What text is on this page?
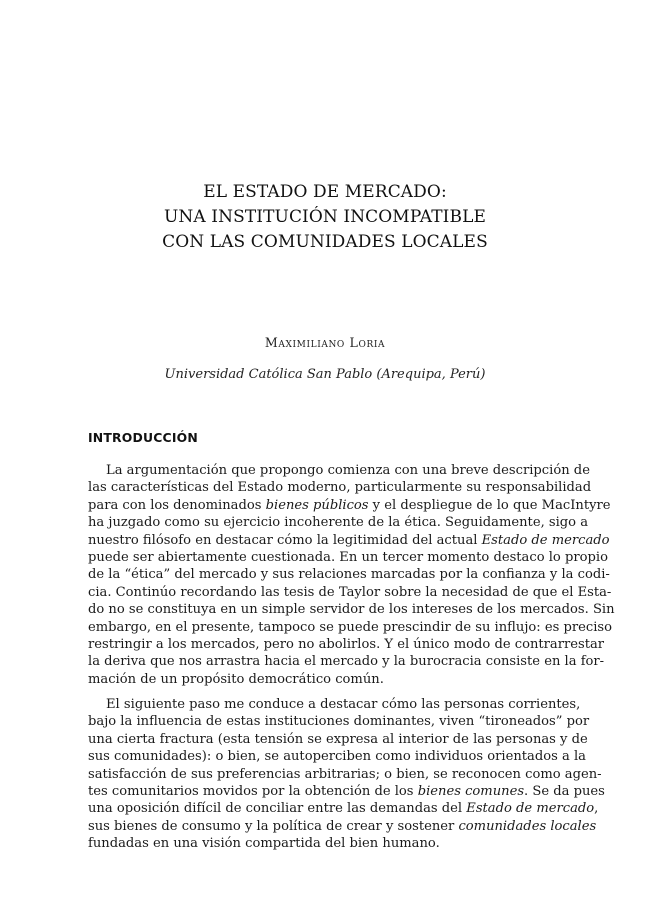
EL ESTADO DE MERCADO:
UNA INSTITUCIÓN INCOMPATIBLE
CON LAS COMUNIDADES LOCALES
Maximiliano Loria
Universidad Católica San Pablo (Arequipa, Perú)
INTRODUCCIÓN
La argumentación que propongo comienza con una breve descripción de
las características del Estado moderno, particularmente su responsabilidad
para con los denominados bienes públicos y el despliegue de lo que MacIntyre
ha juzgado como su ejercicio incoherente de la ética. Seguidamente, sigo a
nuestro filósofo en destacar cómo la legitimidad del actual Estado de mercado
puede ser abiertamente cuestionada. En un tercer momento destaco lo propio
de la “ética” del mercado y sus relaciones marcadas por la confianza y la codi-
cia. Continúo recordando las tesis de Taylor sobre la necesidad de que el Esta-
do no se constituya en un simple servidor de los intereses de los mercados. Sin
embargo, en el presente, tampoco se puede prescindir de su influjo: es preciso
restringir a los mercados, pero no abolirlos. Y el único modo de contrarrestar
la deriva que nos arrastra hacia el mercado y la burocracia consiste en la for-
mación de un propósito democrático común.
El siguiente paso me conduce a destacar cómo las personas corrientes,
bajo la influencia de estas instituciones dominantes, viven “tironeados” por
una cierta fractura (esta tensión se expresa al interior de las personas y de
sus comunidades): o bien, se autoperciben como individuos orientados a la
satisfacción de sus preferencias arbitrarias; o bien, se reconocen como agen-
tes comunitarios movidos por la obtención de los bienes comunes. Se da pues
una oposición difícil de conciliar entre las demandas del Estado de mercado,
sus bienes de consumo y la política de crear y sostener comunidades locales
fundadas en una visión compartida del bien humano.
